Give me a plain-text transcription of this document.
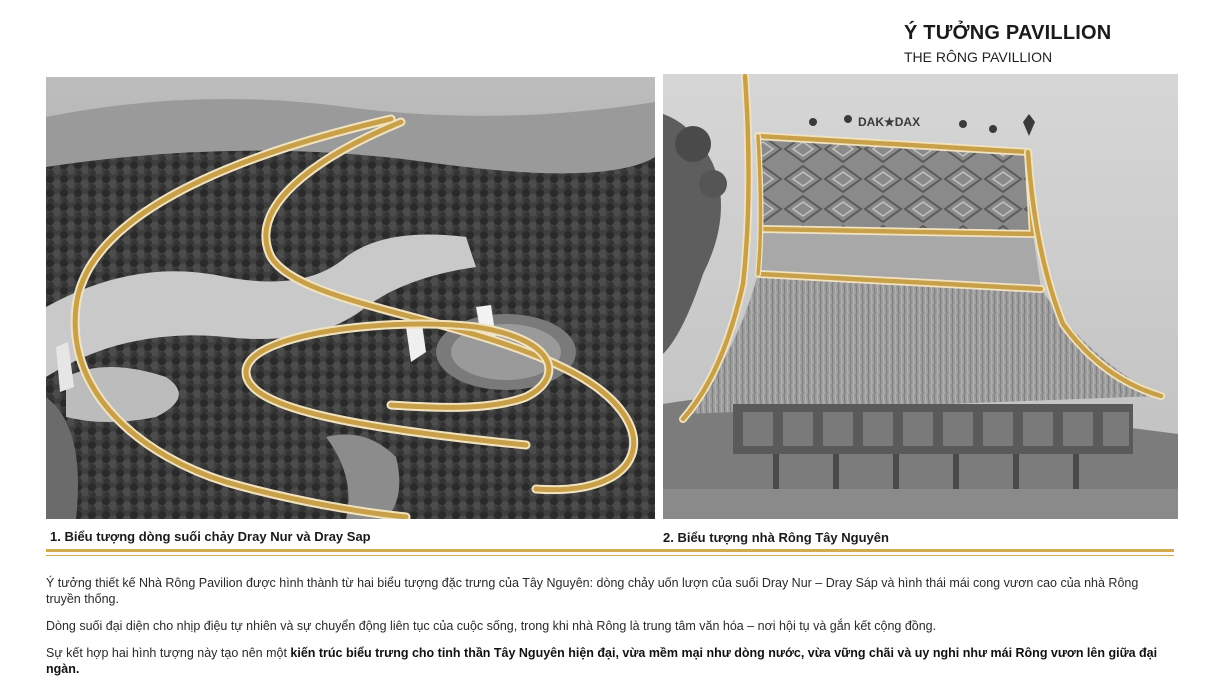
Ý TƯỞNG PAVILLION
THE RÔNG PAVILLION
DAK★DAX
1. Biểu tượng dòng suối chảy Dray Nur và Dray Sap	2. Biểu tượng nhà Rông Tây Nguyên

Ý tưởng thiết kế Nhà Rông Pavilion được hình thành từ hai biểu tượng đặc trưng của Tây Nguyên: dòng chảy uốn lượn của suối Dray Nur – Dray Sáp và hình thái mái cong vươn cao của nhà Rông truyền thống.

Dòng suối đại diện cho nhịp điệu tự nhiên và sự chuyển động liên tục của cuộc sống, trong khi nhà Rông là trung tâm văn hóa – nơi hội tụ và gắn kết cộng đồng.

Sự kết hợp hai hình tượng này tạo nên một kiến trúc biểu trưng cho tinh thần Tây Nguyên hiện đại, vừa mềm mại như dòng nước, vừa vững chãi và uy nghi như mái Rông vươn lên giữa đại ngàn.
